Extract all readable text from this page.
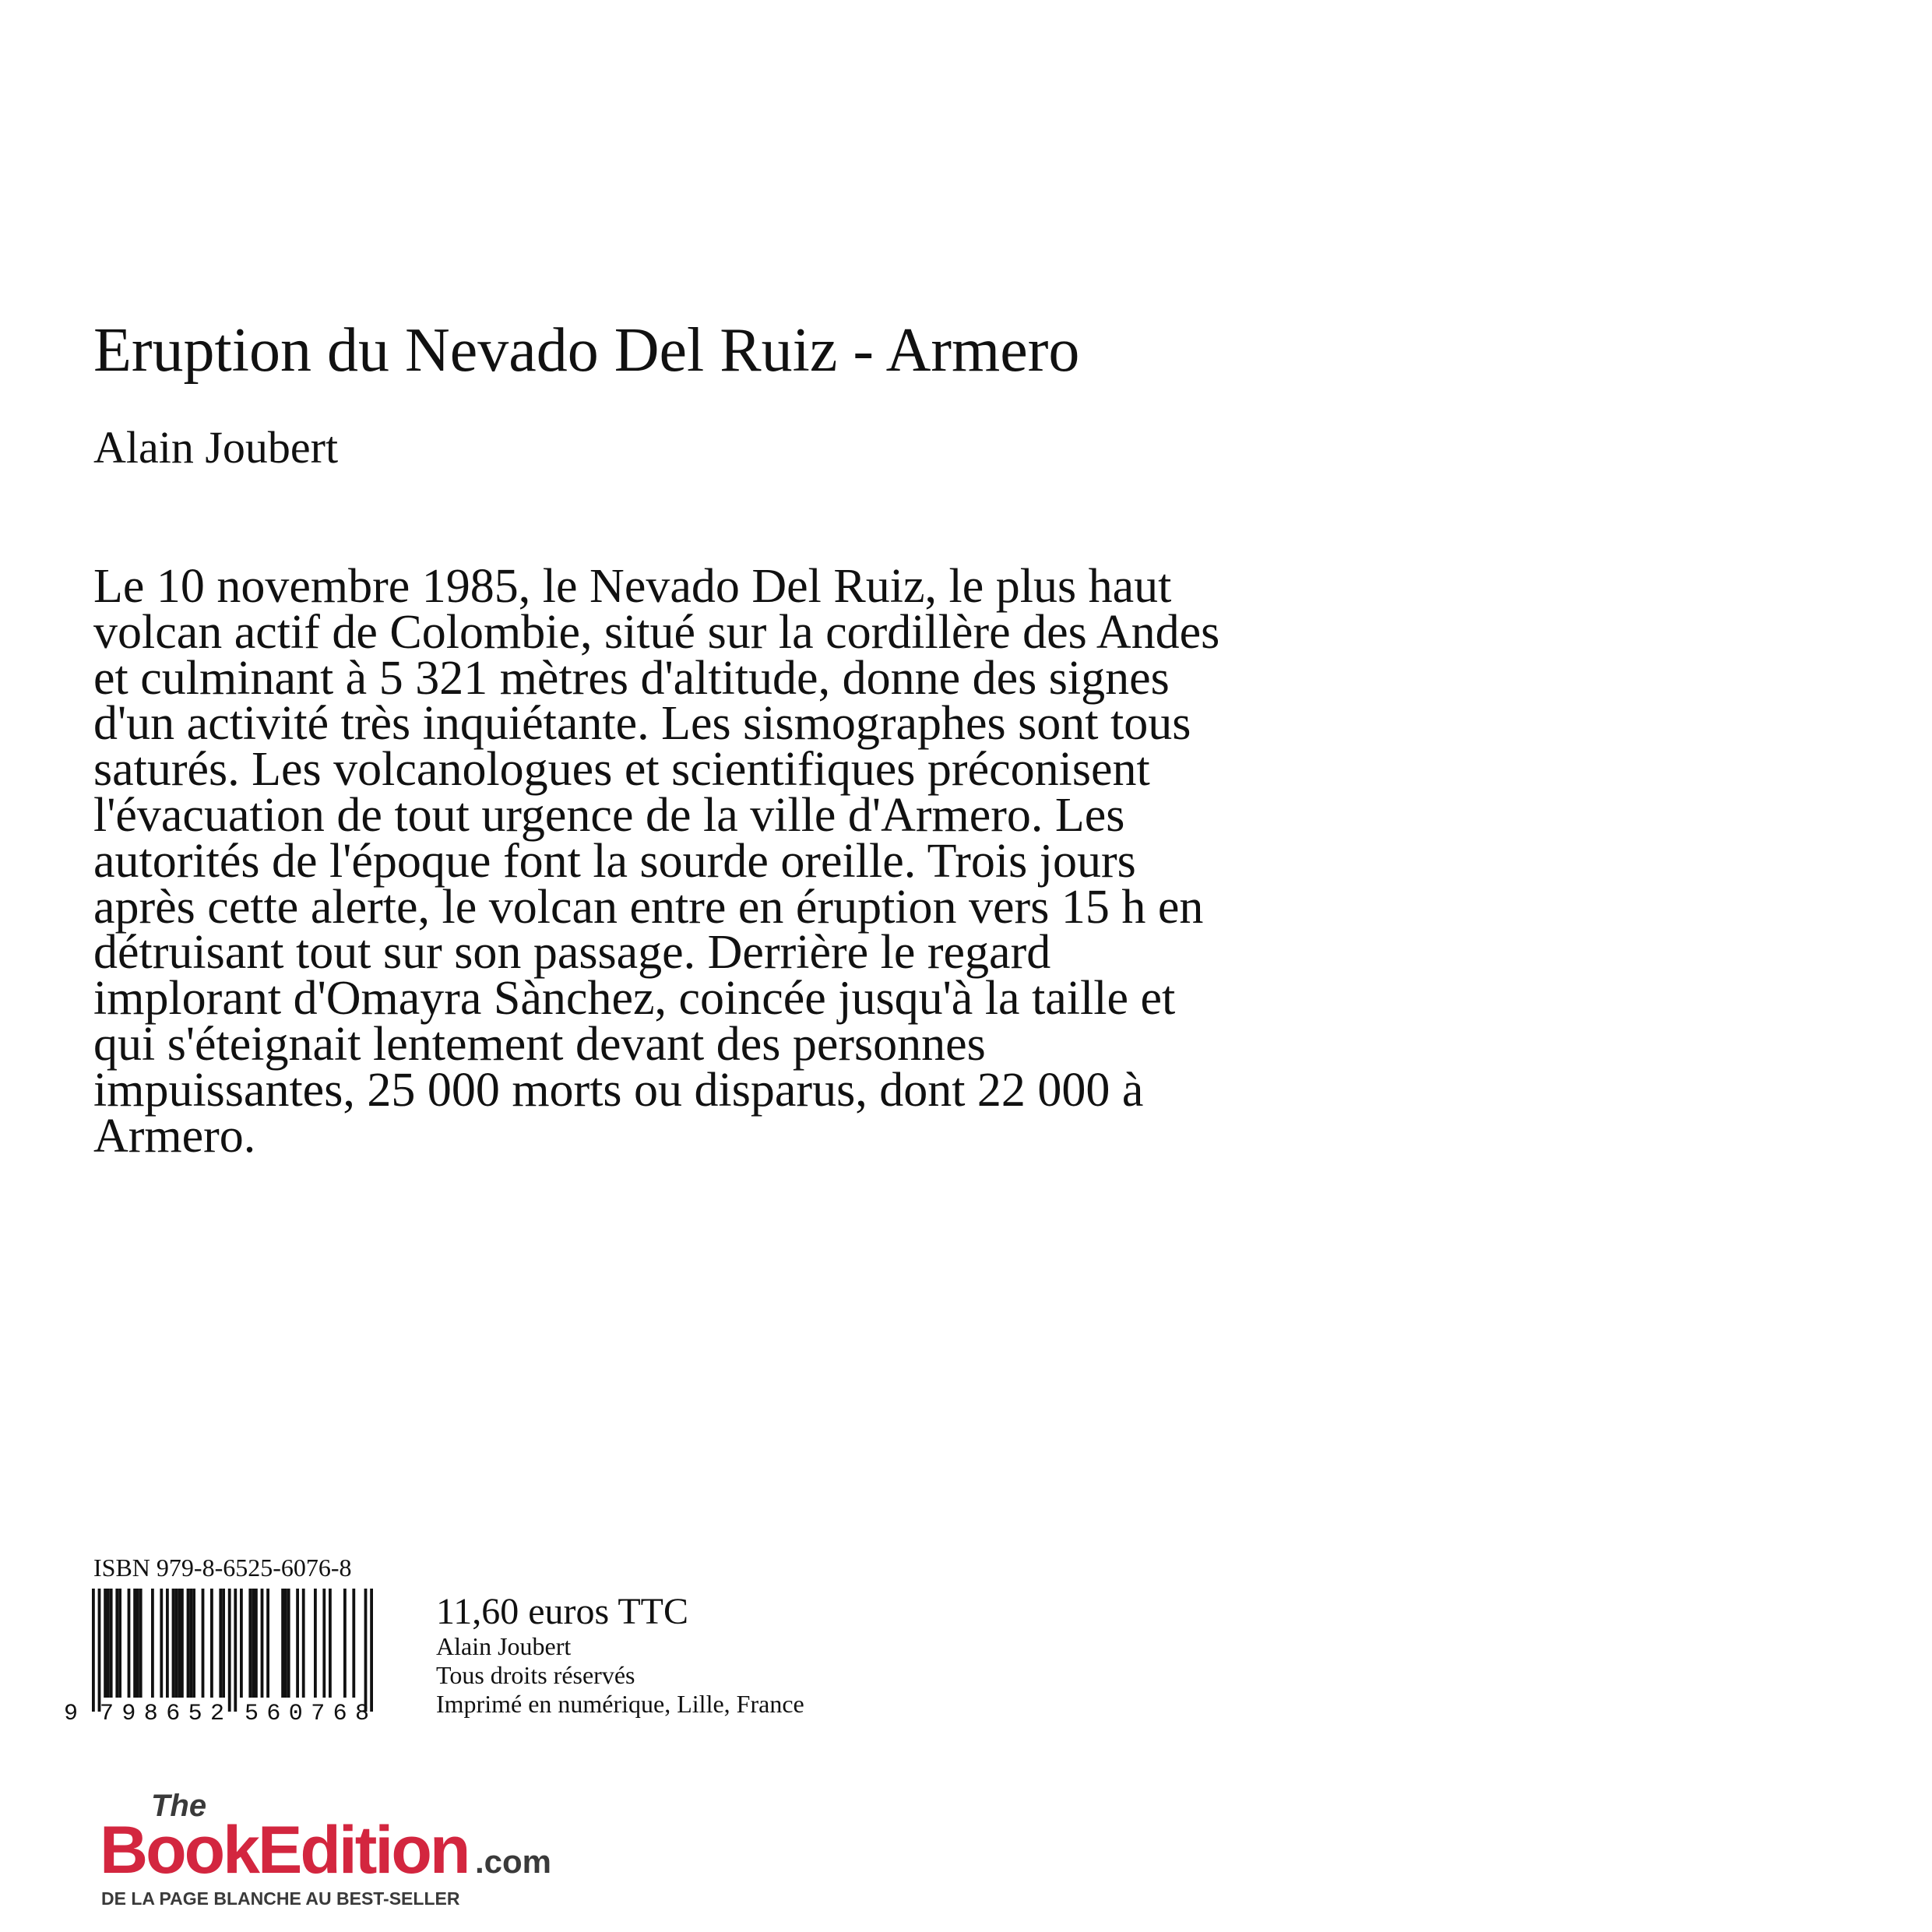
Eruption du Nevado Del Ruiz - Armero
Alain Joubert
Le 10 novembre 1985, le Nevado Del Ruiz, le plus haut
volcan actif de Colombie, situé sur la cordillère des Andes
et culminant à 5 321 mètres d'altitude, donne des signes
d'un activité très inquiétante. Les sismographes sont tous
saturés. Les volcanologues et scientifiques préconisent
l'évacuation de tout urgence de la ville d'Armero. Les
autorités de l'époque font la sourde oreille. Trois jours
après cette alerte, le volcan entre en éruption vers 15 h en
détruisant tout sur son passage. Derrière le regard
implorant d'Omayra Sànchez, coincée jusqu'à la taille et
qui s'éteignait lentement devant des personnes
impuissantes, 25 000 morts ou disparus, dont 22 000 à
Armero.
ISBN 979-8-6525-6076-8
9 798652 560768
11,60 euros TTC
Alain Joubert
Tous droits réservés
Imprimé en numérique, Lille, France
The
BookEdition .com
DE LA PAGE BLANCHE AU BEST-SELLER
